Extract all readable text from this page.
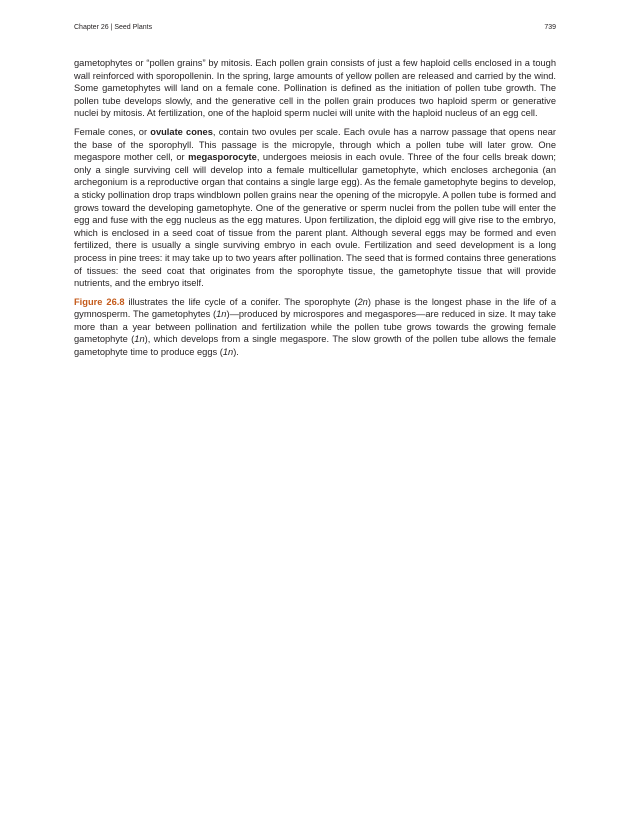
Chapter 26 | Seed Plants	739

gametophytes or “pollen grains” by mitosis. Each pollen grain consists of just a few haploid cells enclosed in a tough wall reinforced with sporopollenin. In the spring, large amounts of yellow pollen are released and carried by the wind. Some gametophytes will land on a female cone. Pollination is defined as the initiation of pollen tube growth. The pollen tube develops slowly, and the generative cell in the pollen grain produces two haploid sperm or generative nuclei by mitosis. At fertilization, one of the haploid sperm nuclei will unite with the haploid nucleus of an egg cell.

Female cones, or ovulate cones, contain two ovules per scale. Each ovule has a narrow passage that opens near the base of the sporophyll. This passage is the micropyle, through which a pollen tube will later grow. One megaspore mother cell, or megasporocyte, undergoes meiosis in each ovule. Three of the four cells break down; only a single surviving cell will develop into a female multicellular gametophyte, which encloses archegonia (an archegonium is a reproductive organ that contains a single large egg). As the female gametophyte begins to develop, a sticky pollination drop traps windblown pollen grains near the opening of the micropyle. A pollen tube is formed and grows toward the developing gametophyte. One of the generative or sperm nuclei from the pollen tube will enter the egg and fuse with the egg nucleus as the egg matures. Upon fertilization, the diploid egg will give rise to the embryo, which is enclosed in a seed coat of tissue from the parent plant. Although several eggs may be formed and even fertilized, there is usually a single surviving embryo in each ovule. Fertilization and seed development is a long process in pine trees: it may take up to two years after pollination. The seed that is formed contains three generations of tissues: the seed coat that originates from the sporophyte tissue, the gametophyte tissue that will provide nutrients, and the embryo itself.

Figure 26.8 illustrates the life cycle of a conifer. The sporophyte (2n) phase is the longest phase in the life of a gymnosperm. The gametophytes (1n)—produced by microspores and megaspores—are reduced in size. It may take more than a year between pollination and fertilization while the pollen tube grows towards the growing female gametophyte (1n), which develops from a single megaspore. The slow growth of the pollen tube allows the female gametophyte time to produce eggs (1n).
